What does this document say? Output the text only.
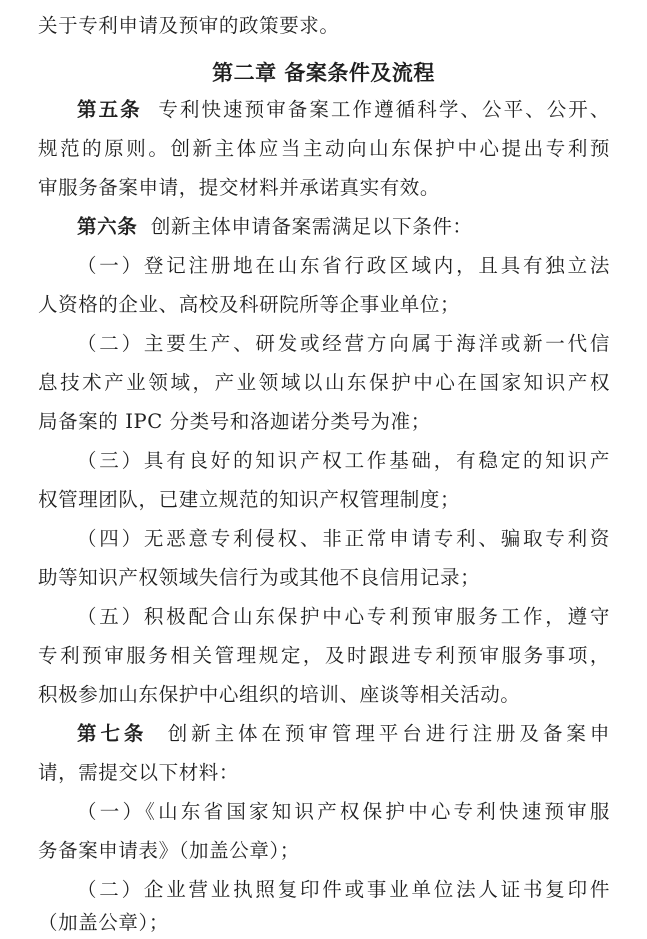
关于专利申请及预审的政策要求。
第二章 备案条件及流程
第五条 专利快速预审备案工作遵循科学、公平、公开、
规范的原则。创新主体应当主动向山东保护中心提出专利预
审服务备案申请，提交材料并承诺真实有效。
第六条 创新主体申请备案需满足以下条件：
（一）登记注册地在山东省行政区域内，且具有独立法
人资格的企业、高校及科研院所等企事业单位；
（二）主要生产、研发或经营方向属于海洋或新一代信
息技术产业领域，产业领域以山东保护中心在国家知识产权
局备案的 IPC 分类号和洛迦诺分类号为准；
（三）具有良好的知识产权工作基础，有稳定的知识产
权管理团队，已建立规范的知识产权管理制度；
（四）无恶意专利侵权、非正常申请专利、骗取专利资
助等知识产权领域失信行为或其他不良信用记录；
（五）积极配合山东保护中心专利预审服务工作，遵守
专利预审服务相关管理规定，及时跟进专利预审服务事项，
积极参加山东保护中心组织的培训、座谈等相关活动。
第七条 创新主体在预审管理平台进行注册及备案申
请，需提交以下材料：
（一）《山东省国家知识产权保护中心专利快速预审服
务备案申请表》（加盖公章）；
（二）企业营业执照复印件或事业单位法人证书复印件
（加盖公章）；
